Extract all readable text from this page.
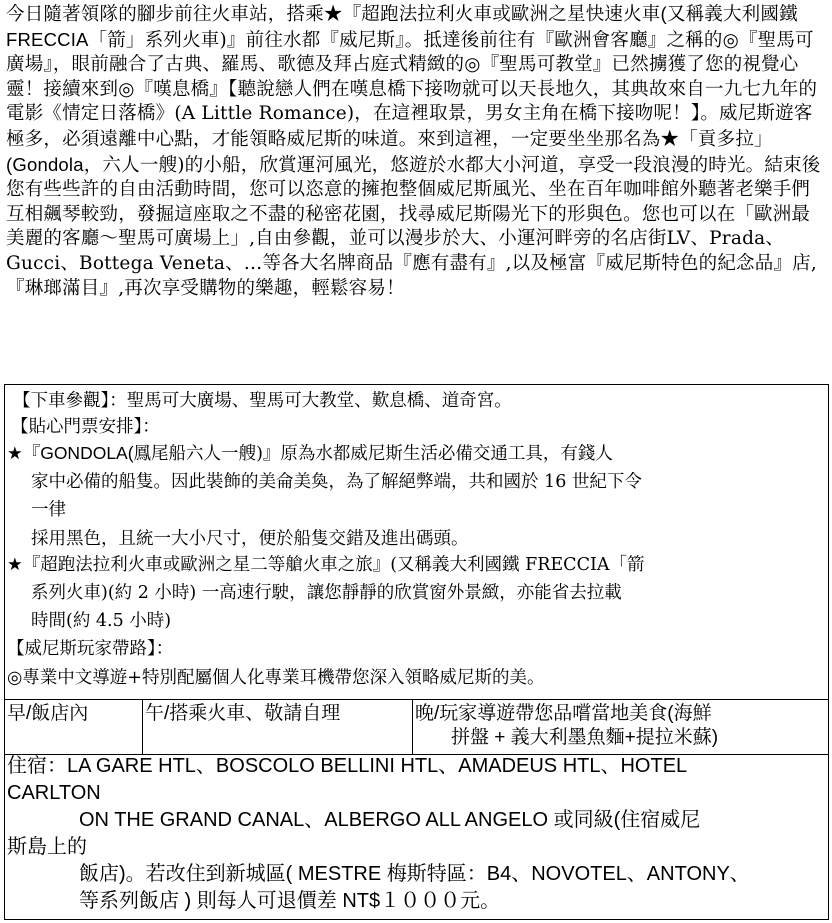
今日隨著領隊的腳步前往火車站，搭乘★『超跑法拉利火車或歐洲之星快速火車(又稱義大利國鐵FRECCIA「箭」系列火車)』前往水都『威尼斯』。抵達後前往有『歐洲會客廳』之稱的◎『聖馬可廣場』，眼前融合了古典、羅馬、歌德及拜占庭式精緻的◎『聖馬可教堂』已然擄獲了您的視覺心靈！接續來到◎『嘆息橋』【聽說戀人們在嘆息橋下接吻就可以天長地久，其典故來自一九七九年的電影《情定日落橋》(A Little Romance)，在這裡取景，男女主角在橋下接吻呢！】。威尼斯遊客極多，必須遠離中心點，才能領略威尼斯的味道。來到這裡，一定要坐坐那名為★「貢多拉」(Gondola，六人一艘)的小船，欣賞運河風光，悠遊於水都大小河道，享受一段浪漫的時光。結束後您有些些許的自由活動時間，您可以恣意的擁抱整個威尼斯風光、坐在百年咖啡館外聽著老樂手們互相飆琴較勁，發掘這座取之不盡的秘密花園，找尋威尼斯陽光下的形與色。您也可以在「歐洲最美麗的客廳～聖馬可廣場上」,自由參觀，並可以漫步於大、小運河畔旁的名店街LV、Prada、Gucci、Bottega Veneta、…等各大名牌商品『應有盡有』,以及極富『威尼斯特色的紀念品』店,『琳瑯滿目』,再次享受購物的樂趣，輕鬆容易！
【下車參觀】：聖馬可大廣場、聖馬可大教堂、歎息橋、道奇宮。
【貼心門票安排】：
★『GONDOLA(鳳尾船六人一艘)』原為水都威尼斯生活必備交通工具，有錢人
家中必備的船隻。因此裝飾的美侖美奐，為了解絕弊端，共和國於 16 世紀下令
一律
採用黑色，且統一大小尺寸，便於船隻交錯及進出碼頭。
★『超跑法拉利火車或歐洲之星二等艙火車之旅』(又稱義大利國鐵 FRECCIA「箭
系列火車)(約 2 小時) 一高速行駛，讓您靜靜的欣賞窗外景緻，亦能省去拉載
時間(約 4.5 小時)
【威尼斯玩家帶路】：
◎專業中文導遊+特別配屬個人化專業耳機帶您深入領略威尼斯的美。
早/飯店內	午/搭乘火車、敬請自理	晚/玩家導遊帶您品嚐當地美食(海鮮
拼盤 + 義大利墨魚麵+提拉米蘇)
住宿：LA GARE HTL、BOSCOLO BELLINI HTL、AMADEUS HTL、HOTEL
CARLTON
ON THE GRAND CANAL、ALBERGO ALL ANGELO 或同級(住宿威尼
斯島上的
飯店)。若改住到新城區( MESTRE 梅斯特區：B4、NOVOTEL、ANTONY、
等系列飯店 ) 則每人可退價差 NT$１０００元。
